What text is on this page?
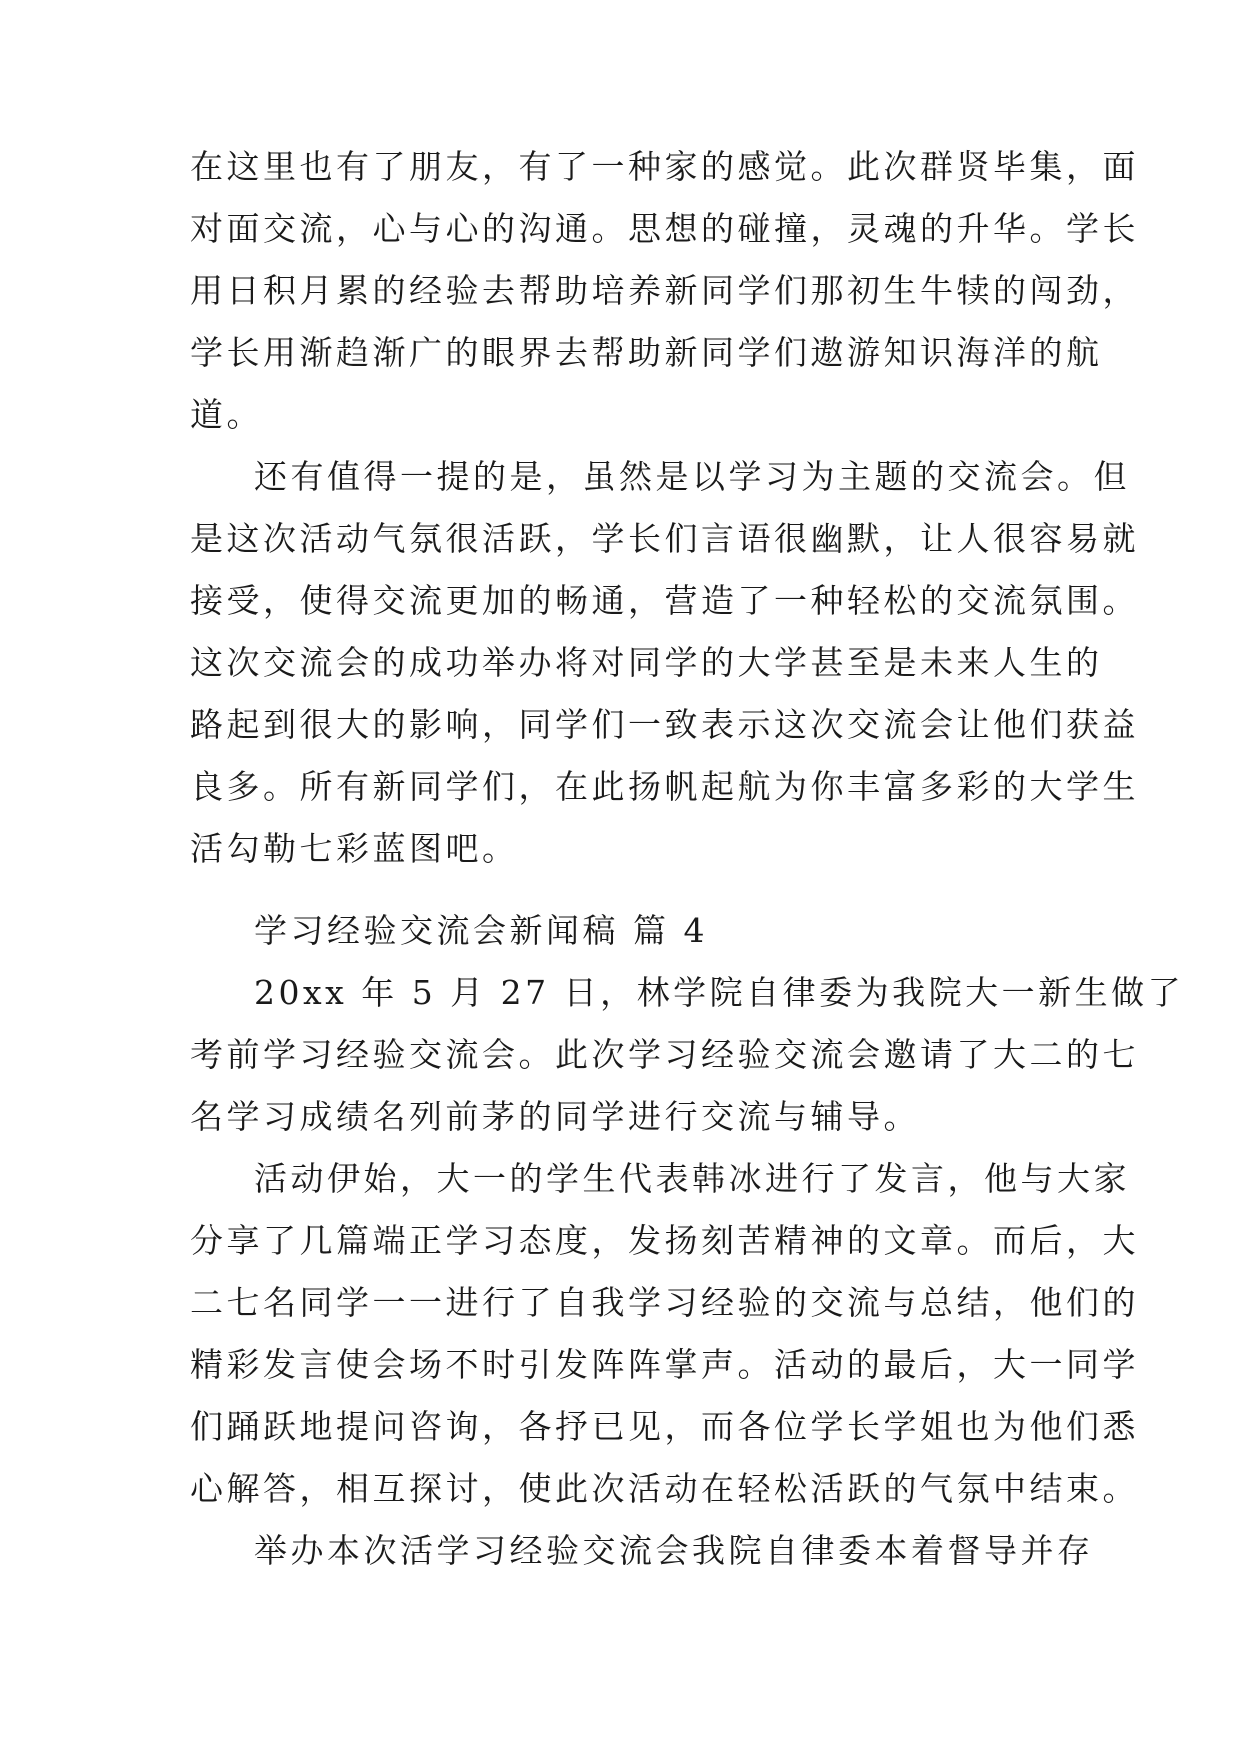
在这里也有了朋友，有了一种家的感觉。此次群贤毕集，面
对面交流，心与心的沟通。思想的碰撞，灵魂的升华。学长
用日积月累的经验去帮助培养新同学们那初生牛犊的闯劲，
学长用渐趋渐广的眼界去帮助新同学们遨游知识海洋的航
道。
还有值得一提的是，虽然是以学习为主题的交流会。但
是这次活动气氛很活跃，学长们言语很幽默，让人很容易就
接受，使得交流更加的畅通，营造了一种轻松的交流氛围。
这次交流会的成功举办将对同学的大学甚至是未来人生的
路起到很大的影响，同学们一致表示这次交流会让他们获益
良多。所有新同学们，在此扬帆起航为你丰富多彩的大学生
活勾勒七彩蓝图吧。
学习经验交流会新闻稿 篇 4
20xx 年 5 月 27 日，林学院自律委为我院大一新生做了
考前学习经验交流会。此次学习经验交流会邀请了大二的七
名学习成绩名列前茅的同学进行交流与辅导。
活动伊始，大一的学生代表韩冰进行了发言，他与大家
分享了几篇端正学习态度，发扬刻苦精神的文章。而后，大
二七名同学一一进行了自我学习经验的交流与总结，他们的
精彩发言使会场不时引发阵阵掌声。活动的最后，大一同学
们踊跃地提问咨询，各抒已见，而各位学长学姐也为他们悉
心解答，相互探讨，使此次活动在轻松活跃的气氛中结束。
举办本次活学习经验交流会我院自律委本着督导并存
